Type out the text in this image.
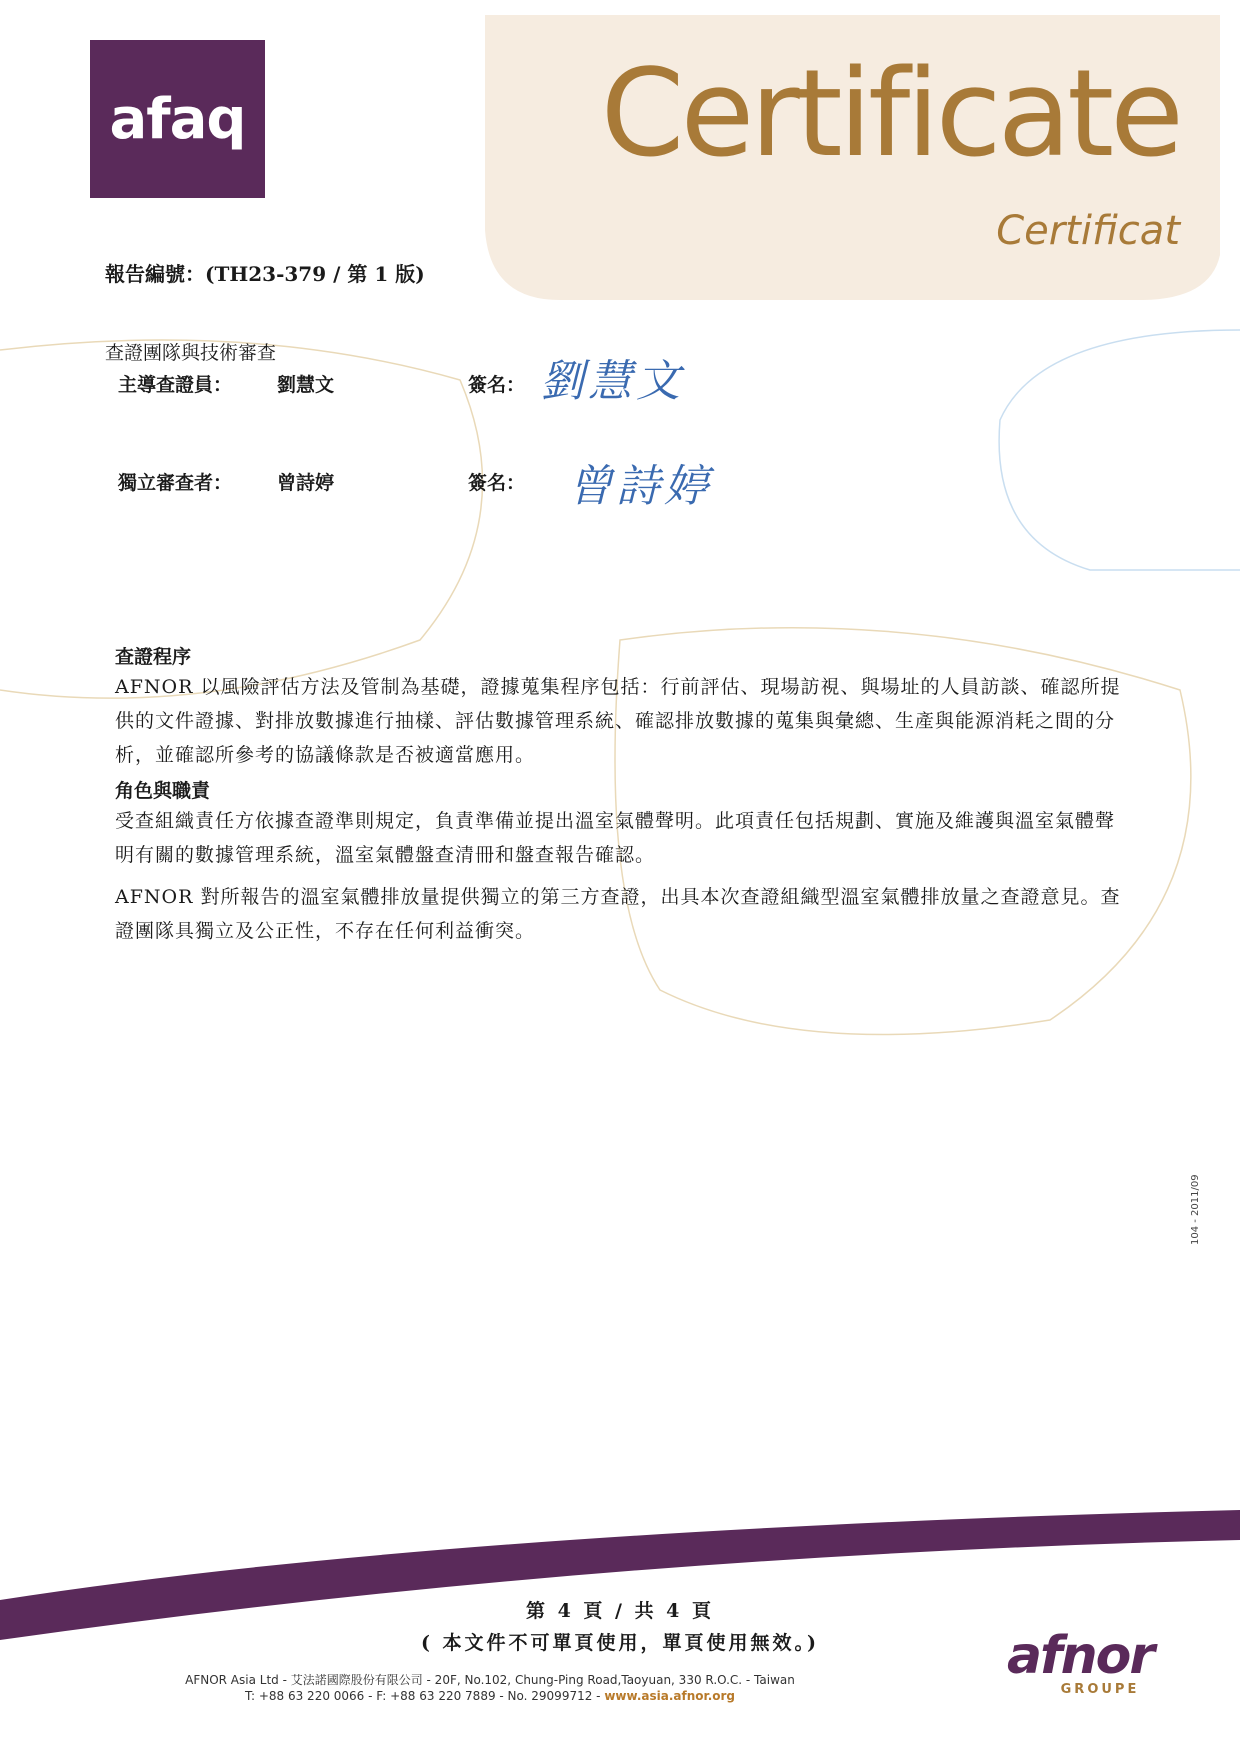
afaq	Certificate
Certificat
報告編號：(TH23-379 / 第 1 版)
查證團隊與技術審查
主導查證員： 劉慧文	簽名： 劉慧文
獨立審查者： 曾詩婷	簽名： 曾詩婷
查證程序
AFNOR 以風險評估方法及管制為基礎，證據蒐集程序包括：行前評估、現場訪視、與場址的人員訪談、確認所提供的文件證據、對排放數據進行抽樣、評估數據管理系統、確認排放數據的蒐集與彙總、生產與能源消耗之間的分析，並確認所參考的協議條款是否被適當應用。
角色與職責
受查組織責任方依據查證準則規定，負責準備並提出溫室氣體聲明。此項責任包括規劃、實施及維護與溫室氣體聲明有關的數據管理系統，溫室氣體盤查清冊和盤查報告確認。
AFNOR 對所報告的溫室氣體排放量提供獨立的第三方查證，出具本次查證組織型溫室氣體排放量之查證意見。查證團隊具獨立及公正性，不存在任何利益衝突。
104 - 2011/09
第 4 頁 / 共 4 頁
( 本文件不可單頁使用，單頁使用無效。)
AFNOR Asia Ltd - 艾法諾國際股份有限公司 - 20F, No.102, Chung-Ping Road,Taoyuan, 330 R.O.C. - Taiwan
T: +88 63 220 0066 - F: +88 63 220 7889 - No. 29099712 - www.asia.afnor.org
afnor
GROUPE
